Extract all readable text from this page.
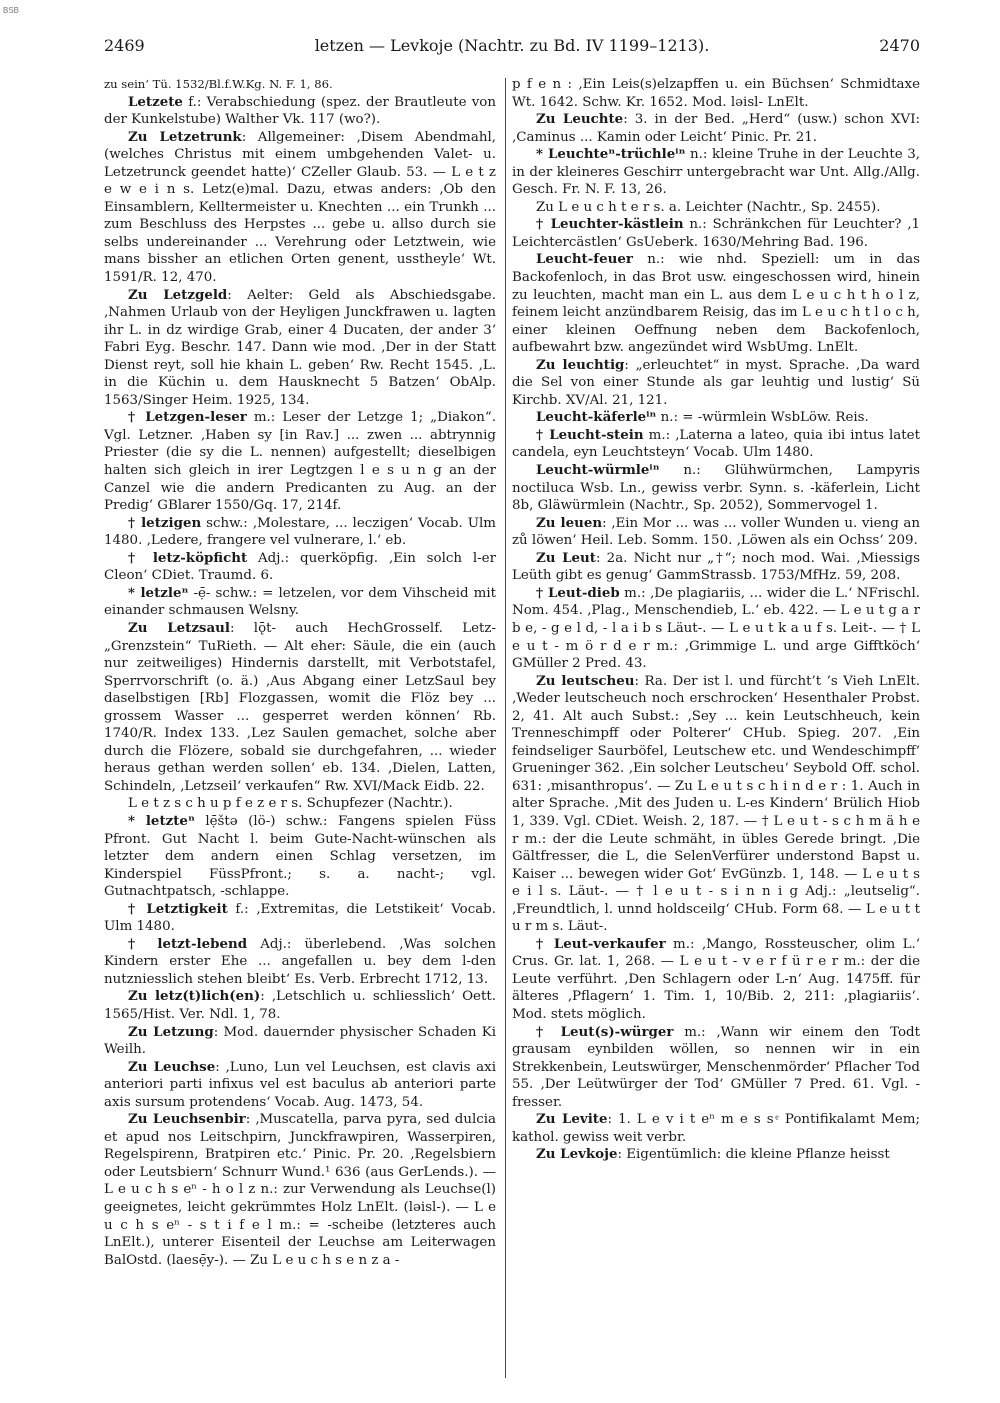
BSB
2469	letzen — Levkoje (Nachtr. zu Bd. IV 1199–1213).	2470

zu sein‘ Tü. 1532/Bl.f.W.Kg. N. F. 1, 86.

Letzete f.: Verabschiedung (spez. der Brautleute von der Kunkelstube) Walther Vk. 117 (wo?).

Zu Letzetrunk: Allgemeiner: ‚Disem Abendmahl, (welches Christus mit einem umbgehenden Valet- u. Letzetrunck geendet hatte)‘ CZeller Glaub. 53. — L e t z e w e i n s. Letz(e)mal. Dazu, etwas anders: ‚Ob den Einsamblern, Kelltermeister u. Knechten ... ein Trunkh ... zum Beschluss des Herpstes ... gebe u. allso durch sie selbs undereinander ... Verehrung oder Letztwein, wie mans bissher an etlichen Orten genent, usstheyle‘ Wt. 1591/R. 12, 470.

Zu Letzgeld: Aelter: Geld als Abschiedsgabe. ‚Nahmen Urlaub von der Heyligen Junckfrawen u. lagten ihr L. in dz wirdige Grab, einer 4 Ducaten, der ander 3‘ Fabri Eyg. Beschr. 147. Dann wie mod. ‚Der in der Statt Dienst reyt, soll hie khain L. geben‘ Rw. Recht 1545. ‚L. in die Küchin u. dem Hausknecht 5 Batzen‘ ObAlp. 1563/Singer Heim. 1925, 134.

† Letzgen-leser m.: Leser der Letzge 1; „Diakon“. Vgl. Letzner. ‚Haben sy [in Rav.] ... zwen ... abtrynnig Priester (die sy die L. nennen) aufgestellt; dieselbigen halten sich gleich in irer Legtzgen l e s u n g an der Canzel wie die andern Predicanten zu Aug. an der Predig‘ GBlarer 1550/Gq. 17, 214f.

† letzigen schw.: ‚Molestare, ... leczigen‘ Vocab. Ulm 1480. ‚Ledere, frangere vel vulnerare, l.‘ eb.

† letz-köpficht Adj.: querköpfig. ‚Ein solch l-er Cleon‘ CDiet. Traumd. 6.

* letzleⁿ -ẹ̄- schw.: = letzelen, vor dem Vihscheid mit einander schmausen Welsny.

Zu Letzsaul: lǭt- auch HechGrosself. Letz- „Grenzstein“ TuRieth. — Alt eher: Säule, die ein (auch nur zeitweiliges) Hindernis darstellt, mit Verbotstafel, Sperrvorschrift (o. ä.) ‚Aus Abgang einer LetzSaul bey daselbstigen [Rb] Flozgassen, womit die Flöz bey ... grossem Wasser ... gesperret werden können‘ Rb. 1740/R. Index 133. ‚Lez Saulen gemachet, solche aber durch die Flözere, sobald sie durchgefahren, ... wieder heraus gethan werden sollen‘ eb. 134. ‚Dielen, Latten, Schindeln, ‚Letzseil‘ verkaufen“ Rw. XVI/Mack Eidb. 22.

L e t z s c h u p f e z e r s. Schupfezer (Nachtr.).

* letzteⁿ lẹ̄štə (lö-) schw.: Fangens spielen Füss Pfront. Gut Nacht l. beim Gute-Nacht-wünschen als letzter dem andern einen Schlag versetzen, im Kinderspiel FüssPfront.; s. a. nacht-; vgl. Gutnachtpatsch, -schlappe.

† Letztigkeit f.: ‚Extremitas, die Letstikeit‘ Vocab. Ulm 1480.

† letzt-lebend Adj.: überlebend. ‚Was solchen Kindern erster Ehe ... angefallen u. bey dem l-den nutzniesslich stehen bleibt‘ Es. Verb. Erbrecht 1712, 13.

Zu letz(t)lich(en): ‚Letschlich u. schliesslich‘ Oett. 1565/Hist. Ver. Ndl. 1, 78.

Zu Letzung: Mod. dauernder physischer Schaden Ki Weilh.

Zu Leuchse: ‚Luno, Lun vel Leuchsen, est clavis axi anteriori parti infixus vel est baculus ab anteriori parte axis sursum protendens‘ Vocab. Aug. 1473, 54.

Zu Leuchsenbir: ‚Muscatella, parva pyra, sed dulcia et apud nos Leitschpirn, Junckfrawpiren, Wasserpiren, Regelspirenn, Bratpiren etc.‘ Pinic. Pr. 20. ‚Regelsbiern oder Leutsbiern‘ Schnurr Wund.¹ 636 (aus GerLends.). — L e u c h s eⁿ - h o l z n.: zur Verwendung als Leuchse(l) geeignetes, leicht gekrümmtes Holz LnElt. (ləisl-). — L e u c h s eⁿ - s t i f e l m.: = -scheibe (letzteres auch LnElt.), unterer Eisenteil der Leuchse am Leiterwagen BalOstd. (laesẹ̄y-). — Zu L e u c h s e n z a -

p f e n : ‚Ein Leis(s)elzapffen u. ein Büchsen‘ Schmidtaxe Wt. 1642. Schw. Kr. 1652. Mod. ləisl- LnElt.

Zu Leuchte: 3. in der Bed. „Herd“ (usw.) schon XVI: ‚Caminus ... Kamin oder Leicht‘ Pinic. Pr. 21.

* Leuchteⁿ-trüchleⁱⁿ n.: kleine Truhe in der Leuchte 3, in der kleineres Geschirr untergebracht war Unt. Allg./Allg. Gesch. Fr. N. F. 13, 26.

Zu L e u c h t e r s. a. Leichter (Nachtr., Sp. 2455).

† Leuchter-kästlein n.: Schränkchen für Leuchter? ‚1 Leichtercästlen‘ GsUeberk. 1630/Mehring Bad. 196.

Leucht-feuer n.: wie nhd. Speziell: um in das Backofenloch, in das Brot usw. eingeschossen wird, hinein zu leuchten, macht man ein L. aus dem L e u c h t h o l z, feinem leicht anzündbarem Reisig, das im L e u c h t l o c h, einer kleinen Oeffnung neben dem Backofenloch, aufbewahrt bzw. angezündet wird WsbUmg. LnElt.

Zu leuchtig: „erleuchtet“ in myst. Sprache. ‚Da ward die Sel von einer Stunde als gar leuhtig und lustig‘ Sü Kirchb. XV/Al. 21, 121.

Leucht-käferleⁱⁿ n.: = -würmlein WsbLöw. Reis.

† Leucht-stein m.: ‚Laterna a lateo, quia ibi intus latet candela, eyn Leuchtsteyn‘ Vocab. Ulm 1480.

Leucht-würmleⁱⁿ n.: Glühwürmchen, Lampyris noctiluca Wsb. Ln., gewiss verbr. Synn. s. -käferlein, Licht 8b, Gläwürmlein (Nachtr., Sp. 2052), Sommervogel 1.

Zu leuen: ‚Ein Mor ... was ... voller Wunden u. vieng an zů löwen‘ Heil. Leb. Somm. 150. ‚Löwen als ein Ochss‘ 209.

Zu Leut: 2a. Nicht nur „†“; noch mod. Wai. ‚Miessigs Leüth gibt es genug‘ GammStrassb. 1753/MfHz. 59, 208.

† Leut-dieb m.: ‚De plagiariis, ... wider die L.‘ NFrischl. Nom. 454. ‚Plag., Menschendieb, L.‘ eb. 422. — L e u t g a r b e, - g e l d, - l a i b s Läut-. — L e u t k a u f s. Leit-. — † L e u t - m ö r d e r m.: ‚Grimmige L. und arge Gifftköch‘ GMüller 2 Pred. 43.

Zu leutscheu: Ra. Der ist l. und fürcht’t ’s Vieh LnElt. ‚Weder leutscheuch noch erschrocken‘ Hesenthaler Probst. 2, 41. Alt auch Subst.: ‚Sey ... kein Leutschheuch, kein Trenneschimpff oder Polterer‘ CHub. Spieg. 207. ‚Ein feindseliger Saurböfel, Leutschew etc. und Wendeschimpff‘ Grueninger 362. ‚Ein solcher Leutscheu‘ Seybold Off. schol. 631: ‚misanthropus‘. — Zu L e u t s c h i n d e r : 1. Auch in alter Sprache. ‚Mit des Juden u. L-es Kindern‘ Brülich Hiob 1, 339. Vgl. CDiet. Weish. 2, 187. — † L e u t - s c h m ä h e r m.: der die Leute schmäht, in übles Gerede bringt. ‚Die Gältfresser, die L, die SelenVerfürer understond Bapst u. Kaiser ... bewegen wider Got‘ EvGünzb. 1, 148. — L e u t s e i l s. Läut-. — † l e u t - s i n n i g Adj.: „leutselig“. ‚Freundtlich, l. unnd holdsceilg‘ CHub. Form 68. — L e u t t u r m s. Läut-.

† Leut-verkaufer m.: ‚Mango, Rossteuscher, olim L.‘ Crus. Gr. lat. 1, 268. — L e u t - v e r f ü r e r m.: der die Leute verführt. ‚Den Schlagern oder L-n‘ Aug. 1475ff. für älteres ‚Pflagern‘ 1. Tim. 1, 10/Bib. 2, 211: ‚plagiariis‘. Mod. stets möglich.

† Leut(s)-würger m.: ‚Wann wir einem den Todt grausam eynbilden wöllen, so nennen wir in ein Strekkenbein, Leutswürger, Menschenmörder‘ Pflacher Tod 55. ‚Der Leütwürger der Tod‘ GMüller 7 Pred. 61. Vgl. -fresser.

Zu Levite: 1. L e v i t eⁿ m e s s ͤ Pontifikalamt Mem; kathol. gewiss weit verbr.

Zu Levkoje: Eigentümlich: die kleine Pflanze heisst
